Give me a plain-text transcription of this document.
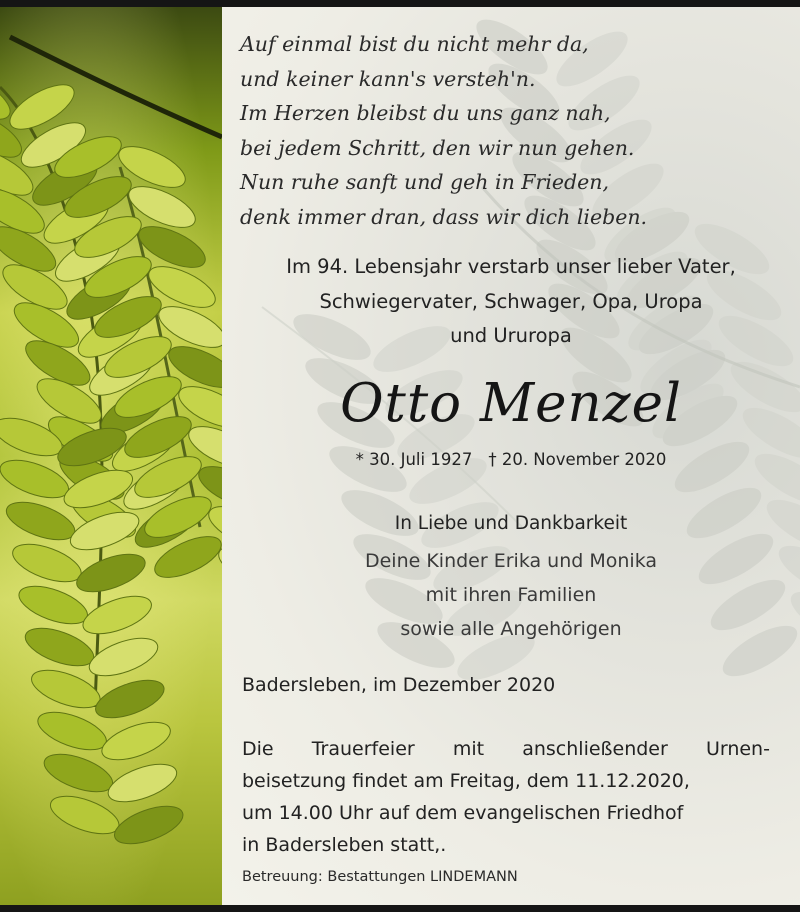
Auf einmal bist du nicht mehr da,
und keiner kann's versteh'n.
Im Herzen bleibst du uns ganz nah,
bei jedem Schritt, den wir nun gehen.
Nun ruhe sanft und geh in Frieden,
denk immer dran, dass wir dich lieben.
Im 94. Lebensjahr verstarb unser lieber Vater,
Schwiegervater, Schwager, Opa, Uropa
und Ururopa
Otto Menzel
* 30. Juli 1927 † 20. November 2020
In Liebe und Dankbarkeit
Deine Kinder Erika und Monika
mit ihren Familien
sowie alle Angehörigen
Badersleben, im Dezember 2020
Die Trauerfeier mit anschließender Urnen-
beisetzung findet am Freitag, dem 11.12.2020,
um 14.00 Uhr auf dem evangelischen Friedhof
in Badersleben statt,.
Betreuung: Bestattungen LINDEMANN
